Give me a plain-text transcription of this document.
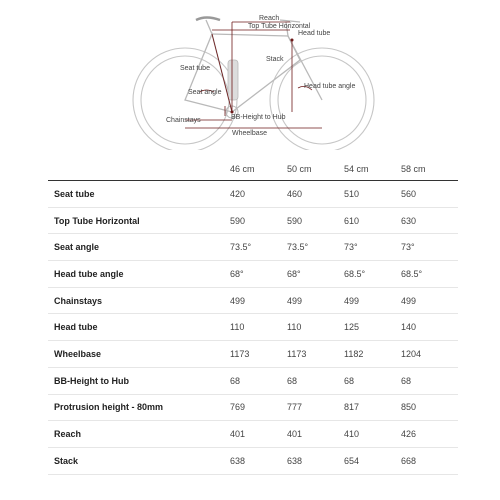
Reach
Top Tube Horizontal
Head tube
Stack
Seat tube
Seat angle
Head tube angle
Chainstays	BB-Height to Hub
Wheelbase
	46 cm	50 cm	54 cm	58 cm
Seat tube	420	460	510	560
Top Tube Horizontal	590	590	610	630
Seat angle	73.5°	73.5°	73°	73°
Head tube angle	68°	68°	68.5°	68.5°
Chainstays	499	499	499	499
Head tube	110	110	125	140
Wheelbase	1173	1173	1182	1204
BB-Height to Hub	68	68	68	68
Protrusion height - 80mm	769	777	817	850
Reach	401	401	410	426
Stack	638	638	654	668
